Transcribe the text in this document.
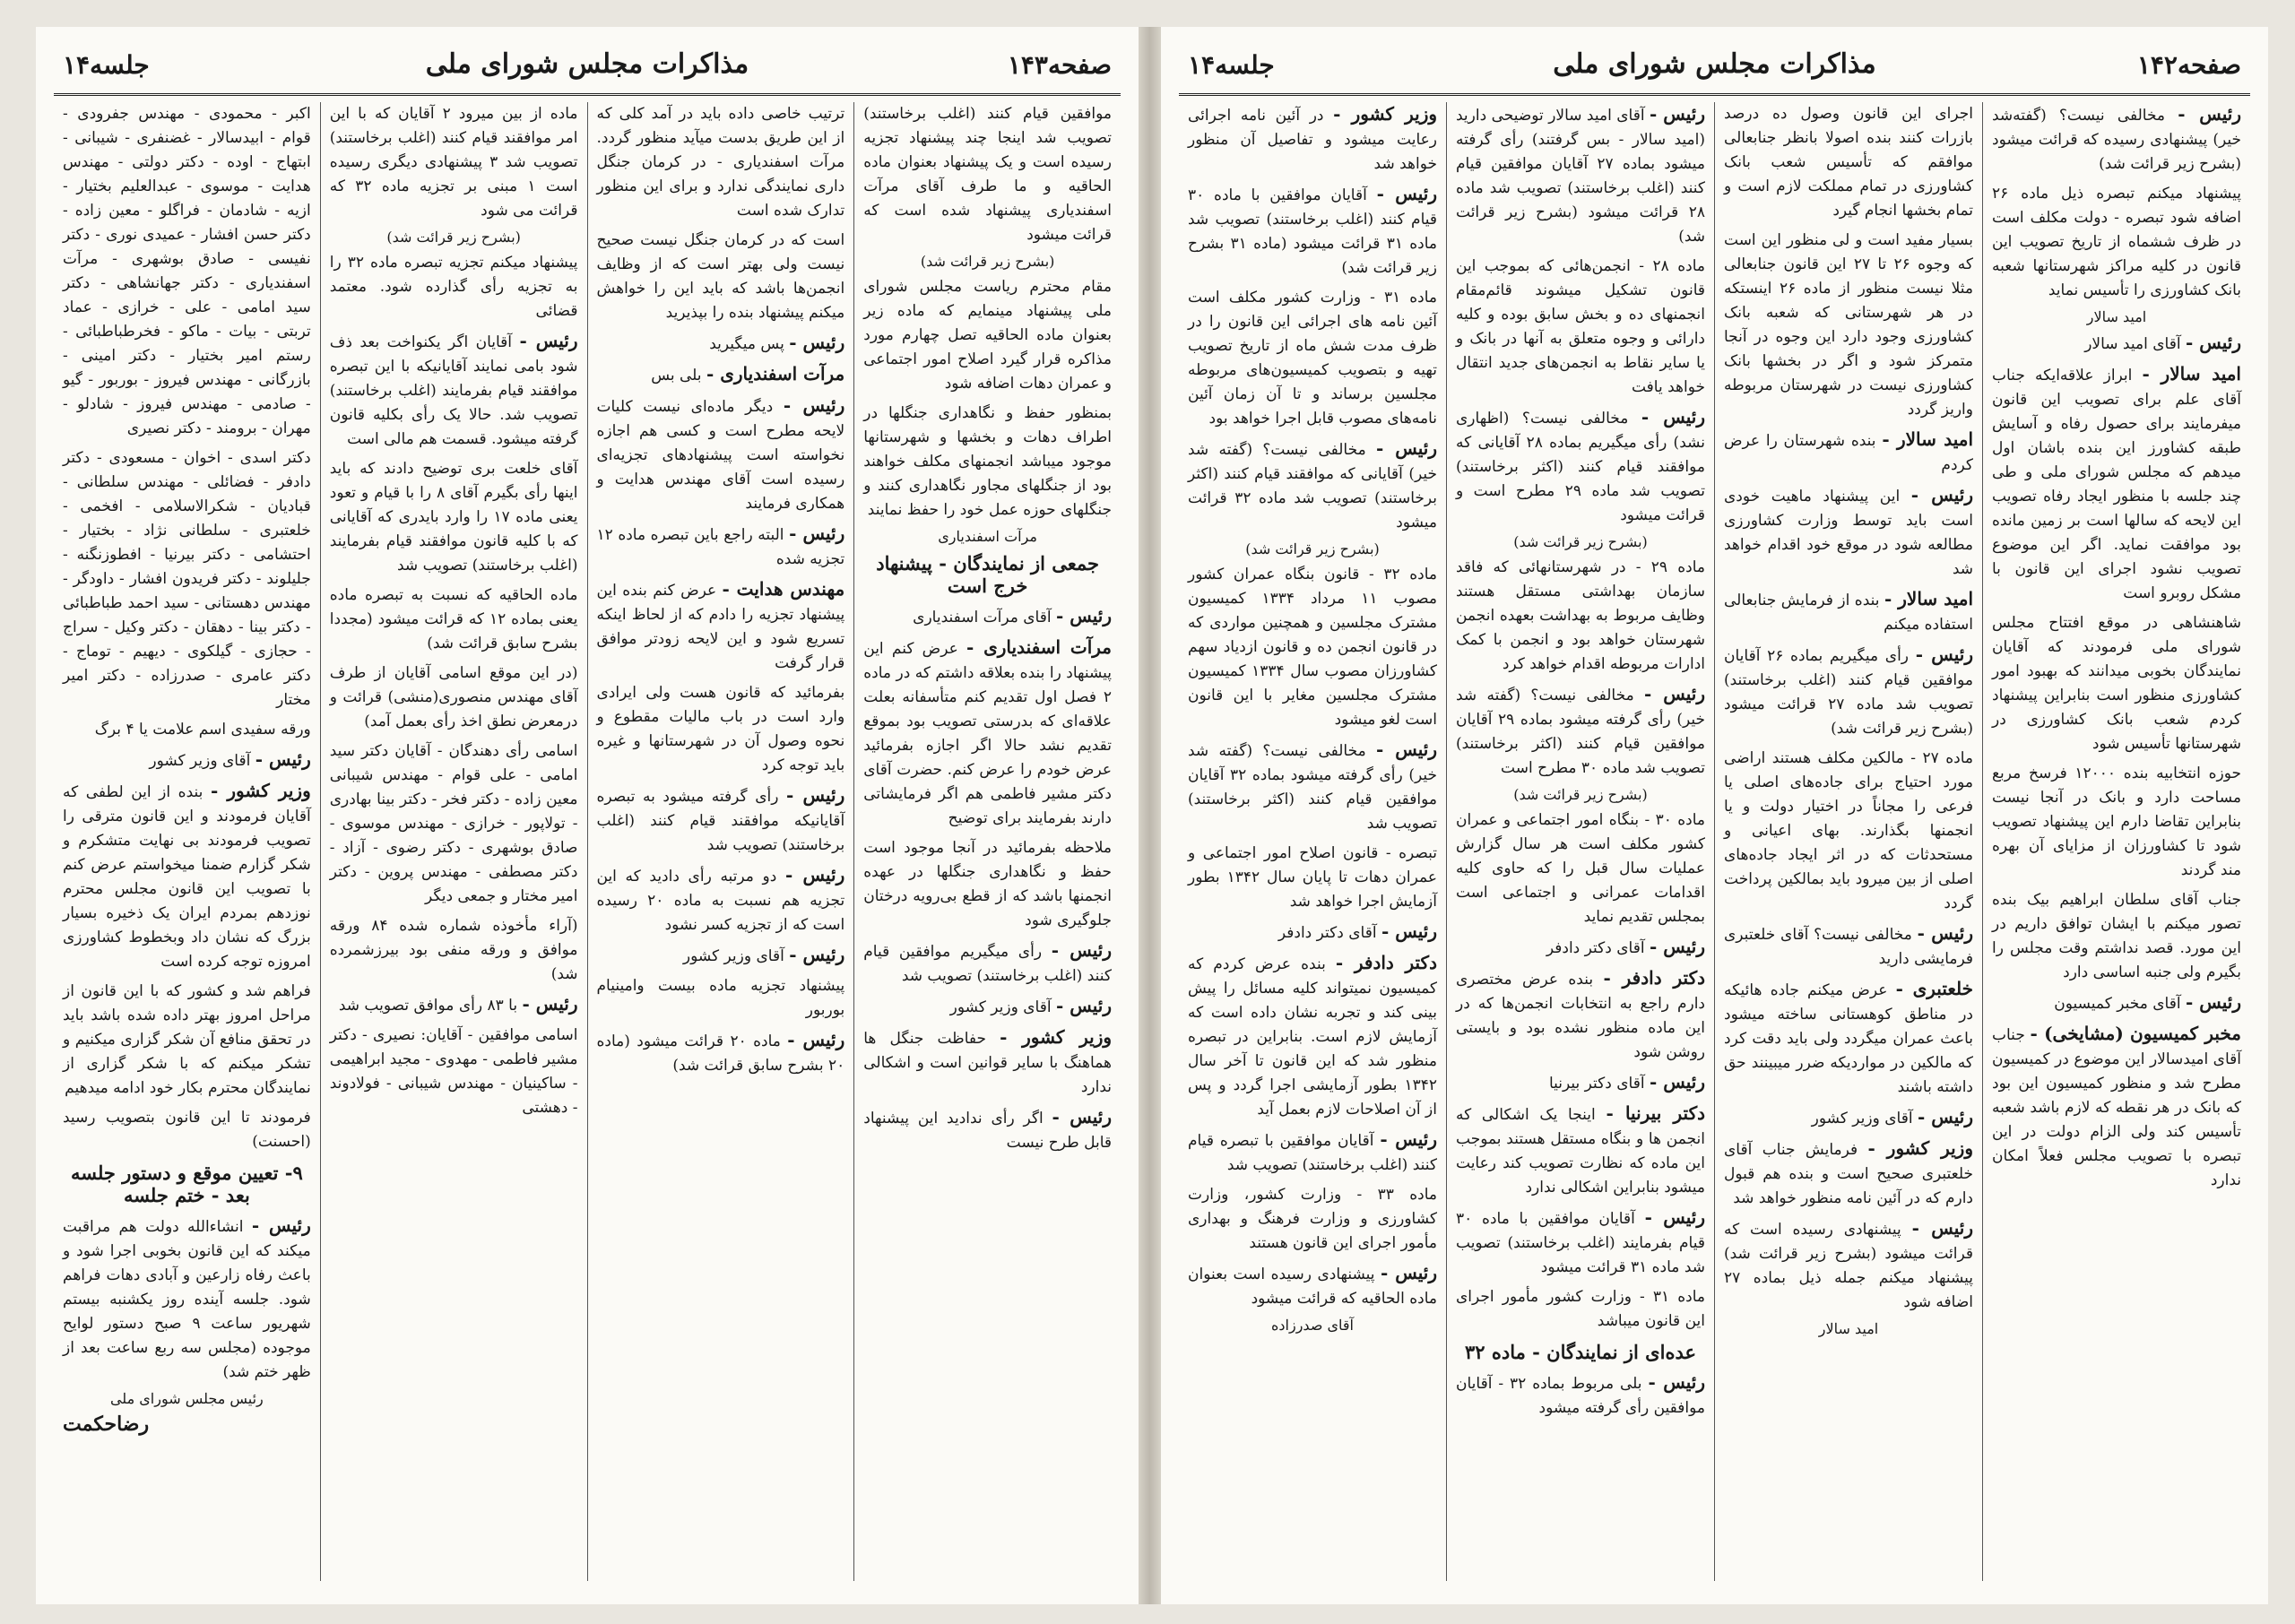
جلسه۱۴	مذاکرات مجلس شورای ملی	صفحه۱۴۳

موافقین قیام کنند (اغلب برخاستند) تصویب شد اینجا چند پیشنهاد تجزیه رسیده است و یک پیشنهاد بعنوان ماده الحاقیه و ما طرف آقای مرآت اسفندیاری پیشنهاد شده است که قرائت میشود

(بشرح زیر قرائت شد)

مقام محترم ریاست مجلس شورای ملی پیشنهاد مینمایم که ماده زیر بعنوان ماده الحاقیه تصل چهارم مورد مذاکره قرار گیرد اصلاح امور اجتماعی و عمران دهات اضافه شود

بمنظور حفظ و نگاهداری جنگلها در اطراف دهات و بخشها و شهرستانها موجود میباشد انجمنهای مکلف خواهند بود از جنگلهای مجاور نگاهداری کنند و جنگلهای حوزه عمل خود را حفظ نمایند

مرآت اسفندیاری
جمعی از نمایندگان - پیشنهاد خرج است

رئیس - آقای مرآت اسفندیاری

مرآت اسفندیاری - عرض کنم این پیشنهاد را بنده بعلاقه داشتم که در ماده ۲ فصل اول تقدیم کنم متأسفانه بعلت علاقه‌ای که بدرستی تصویب بود بموقع تقدیم نشد حالا اگر اجازه بفرمائید عرض خودم را عرض کنم. حضرت آقای دکتر مشیر فاطمی هم اگر فرمایشاتی دارند بفرمایند برای توضیح

ملاحظه بفرمائید در آنجا موجود است حفظ و نگاهداری جنگلها در عهده انجمنها باشد که از قطع بی‌رویه درختان جلوگیری شود

رئیس - رأی میگیریم موافقین قیام کنند (اغلب برخاستند) تصویب شد

رئیس - آقای وزیر کشور

وزیر کشور - حفاظت جنگل ها هماهنگ با سایر قوانین است و اشکالی ندارد

رئیس - اگر رأی ندادید این پیشنهاد قابل طرح نیست

ترتیب خاصی داده باید در آمد کلی که از این طریق بدست میآید منظور گردد. مرآت اسفندیاری - در کرمان جنگل داری نمایندگی ندارد و برای این منظور تدارک شده است

است که در کرمان جنگل نیست صحیح نیست ولی بهتر است که از وظایف انجمن‌ها باشد که باید این را خواهش میکنم پیشنهاد بنده را بپذیرید

رئیس - پس میگیرید

مرآت اسفندیاری - بلی بس

رئیس - دیگر ماده‌ای نیست کلیات لایحه مطرح است و کسی هم اجازه نخواسته است پیشنهادهای تجزیه‌ای رسیده است آقای مهندس هدایت و همکاری فرمایند

رئیس - البته راجع باین تبصره ماده ۱۲ تجزیه شده

مهندس هدایت - عرض کنم بنده این پیشنهاد تجزیه را دادم که از لحاظ اینکه تسریع شود و این لایحه زودتر موافق قرار گرفت

بفرمائید که قانون هست ولی ایرادی وارد است در باب مالیات مقطوع و نحوه وصول آن در شهرستانها و غیره باید توجه کرد

رئیس - رأی گرفته میشود به تبصره آقایانیکه موافقند قیام کنند (اغلب برخاستند) تصویب شد

رئیس - دو مرتبه رأی دادید که این تجزیه هم نسبت به ماده ۲۰ رسیده است که از تجزیه کسر نشود

رئیس - آقای وزیر کشور

پیشنهاد تجزیه ماده بیست وامینیام بوربور

رئیس - ماده ۲۰ قرائت میشود (ماده ۲۰ بشرح سابق قرائت شد)

ماده از بین میرود ۲ آقایان که با این امر موافقند قیام کنند (اغلب برخاستند) تصویب شد ۳ پیشنهادی دیگری رسیده است ۱ مبنی بر تجزیه ماده ۳۲ که قرائت می شود

(بشرح زیر قرائت شد)

پیشنهاد میکنم تجزیه تبصره ماده ۳۲ را به تجزیه رأی گذارده شود. معتمد قضائی

رئیس - آقایان اگر یکنواخت بعد ذف شود بامی نمایند آقایانیکه با این تبصره موافقند قیام بفرمایند (اغلب برخاستند) تصویب شد. حالا یک رأی بکلیه قانون گرفته میشود. قسمت هم مالی است

آقای خلعت بری توضیح دادند که باید اینها رأی بگیرم آقای ۸ را با قیام و تعود یعنی ماده ۱۷ را وارد بایدری که آقایانی که با کلیه قانون موافقند قیام بفرمایند (اغلب برخاستند) تصویب شد

ماده الحاقیه که نسبت به تبصره ماده یعنی بماده ۱۲ که قرائت میشود (مجددا بشرح سابق قرائت شد)

(در این موقع اسامی آقایان از طرف آقای مهندس منصوری(منشی) قرائت و درمعرض نطق اخذ رأی بعمل آمد)

اسامی رأی دهندگان - آقایان دکتر سید امامی - علی قوام - مهندس شیبانی معین زاده - دکتر فخر - دکتر بینا بهادری - تولاپور - خرازی - مهندس موسوی - صادق بوشهری - دکتر رضوی - آزاد - دکتر مصطفی - مهندس پروین - دکتر امیر مختار و جمعی دیگر

(آراء مأخوذه شماره شده ۸۴ ورقه موافق و ورقه منفی بود بیرزشمرده شد)

رئیس - با ۸۳ رأی موافق تصویب شد

اسامی موافقین - آقایان: نصیری - دکتر مشیر فاطمی - مهدوی - مجید ابراهیمی - ساکینیان - مهندس شیبانی - فولادوند - دهشتی

اکبر - محمودی - مهندس جفرودی - قوام - ابیدسالار - غضنفری - شیبانی - ابتهاج - اوده - دکتر دولتی - مهندس هدایت - موسوی - عبدالعلیم بختیار - ازیه - شادمان - فراگلو - معین زاده - دکتر حسن افشار - عمیدی نوری - دکتر نفیسی - صادق بوشهری - مرآت اسفندیاری - دکتر جهانشاهی - دکتر سید امامی - علی - خرازی - عماد تربتی - بیات - ماکو - فخرطباطبائی - رستم امیر بختیار - دکتر امینی - بازرگانی - مهندس فیروز - بوربور - گیو - صادمی - مهندس فیروز - شادلو - مهران - برومند - دکتر نصیری

دکتر اسدی - اخوان - مسعودی - دکتر دادفر - فضائلی - مهندس سلطانی - قبادیان - شکرالاسلامی - افخمی - خلعتبری - سلطانی نژاد - بختیار - احتشامی - دکتر بیرنیا - افطوزنگنه - جلیلوند - دکتر فریدون افشار - داودگر - مهندس دهستانی - سید احمد طباطبائی - دکتر بینا - دهقان - دکتر وکیل - سراج - حجازی - گیلکوی - دیهیم - توماج - دکتر عامری - صدرزاده - دکتر امیر مختار

ورقه سفیدی اسم علامت یا ۴ برگ

رئیس - آقای وزیر کشور

وزیر کشور - بنده از این لطفی که آقایان فرمودند و این قانون مترقی را تصویب فرمودند بی نهایت متشکرم و شکر گزارم ضمنا میخواستم عرض کنم با تصویب این قانون مجلس محترم نوزدهم بمردم ایران یک ذخیره بسیار بزرگ که نشان داد وبخطوط کشاورزی امروزه توجه کرده است

فراهم شد و کشور که با این قانون از مراحل امروز بهتر داده شده باشد باید در تحقق منافع آن شکر گزاری میکنیم و تشکر میکنم که با شکر گزاری از نمایندگان محترم بکار خود ادامه میدهیم

فرمودند تا این قانون بتصویب رسید (احسنت)

۹- تعیین موقع و دستور جلسه بعد - ختم جلسه

رئیس - انشاءالله دولت هم مراقبت میکند که این قانون بخوبی اجرا شود و باعث رفاه زارعین و آبادی دهات فراهم شود. جلسه آینده روز یکشنبه بیستم شهریور ساعت ۹ صبح دستور لوایح موجوده (مجلس سه ربع ساعت بعد از ظهر ختم شد)

رئیس مجلس شورای ملی
رضاحکمت
جلسه۱۴	مذاکرات مجلس شورای ملی	صفحه۱۴۲

رئیس - مخالفی نیست؟ (گفته‌شد خیر) پیشنهادی رسیده که قرائت میشود (بشرح زیر قرائت شد)

پیشنهاد میکنم تبصره ذیل ماده ۲۶ اضافه شود تبصره - دولت مکلف است در ظرف ششماه از تاریخ تصویب این قانون در کلیه مراکز شهرستانها شعبه بانک کشاورزی را تأسیس نماید

امید سالار

رئیس - آقای امید سالار

امید سالار - ابراز علاقه‌ایکه جناب آقای علم برای تصویب این قانون میفرمایند برای حصول رفاه و آسایش طبقه کشاورز این بنده باشان اول میدهم که مجلس شورای ملی و طی چند جلسه با منظور ایجاد رفاه تصویب این لایحه که سالها است بر زمین مانده بود موافقت نماید. اگر این موضوع تصویب نشود اجرای این قانون با مشکل روبرو است

شاهنشاهی در موقع افتتاح مجلس شورای ملی فرمودند که آقایان نمایندگان بخوبی میدانند که بهبود امور کشاورزی منظور است بنابراین پیشنهاد کردم شعب بانک کشاورزی در شهرستانها تأسیس شود

حوزه انتخابیه بنده ۱۲۰۰۰ فرسخ مربع مساحت دارد و بانک در آنجا نیست بنابراین تقاضا دارم این پیشنهاد تصویب شود تا کشاورزان از مزایای آن بهره مند گردند

جناب آقای سلطان ابراهیم بیک بنده تصور میکنم با ایشان توافق داریم در این مورد. قصد نداشتم وقت مجلس را بگیرم ولی جنبه اساسی دارد

رئیس - آقای مخبر کمیسیون

مخبر کمیسیون (مشایخی) - جناب آقای امیدسالار این موضوع در کمیسیون مطرح شد و منظور کمیسیون این بود که بانک در هر نقطه که لازم باشد شعبه تأسیس کند ولی الزام دولت در این تبصره با تصویب مجلس فعلاً امکان ندارد

اجرای این قانون وصول ده درصد بازرات کنند بنده اصولا بانظر جنابعالی موافقم که تأسیس شعب بانک کشاورزی در تمام مملکت لازم است و تمام بخشها انجام گیرد

بسیار مفید است و لی منظور این است که وجوه ۲۶ تا ۲۷ این قانون جنابعالی مثلا نیست منظور از ماده ۲۶ اینستکه در هر شهرستانی که شعبه بانک کشاورزی وجود دارد این وجوه در آنجا متمرکز شود و اگر در بخشها بانک کشاورزی نیست در شهرستان مربوطه واریز گردد

امید سالار - بنده شهرستان را عرض کردم

رئیس - این پیشنهاد ماهیت خودی است باید توسط وزارت کشاورزی مطالعه شود در موقع خود اقدام خواهد شد

امید سالار - بنده از فرمایش جنابعالی استفاده میکنم

رئیس - رأی میگیریم بماده ۲۶ آقایان موافقین قیام کنند (اغلب برخاستند) تصویب شد ماده ۲۷ قرائت میشود (بشرح زیر قرائت شد)

ماده ۲۷ - مالکین مکلف هستند اراضی مورد احتیاج برای جاده‌های اصلی یا فرعی را مجاناً در اختیار دولت و یا انجمنها بگذارند. بهای اعیانی و مستحدثات که در اثر ایجاد جاده‌های اصلی از بین میرود باید بمالکین پرداخت گردد

رئیس - مخالفی نیست؟ آقای خلعتبری فرمایشی دارید

خلعتبری - عرض میکنم جاده هائیکه در مناطق کوهستانی ساخته میشود باعث عمران میگردد ولی باید دقت کرد که مالکین در مواردیکه ضرر میبینند حق داشته باشند

رئیس - آقای وزیر کشور

وزیر کشور - فرمایش جناب آقای خلعتبری صحیح است و بنده هم قبول دارم که در آئین نامه منظور خواهد شد

رئیس - پیشنهادی رسیده است که قرائت میشود (بشرح زیر قرائت شد) پیشنهاد میکنم جمله ذیل بماده ۲۷ اضافه شود

امید سالار

رئیس - آقای امید سالار توضیحی دارید (امید سالار - بس گرفتند) رأی گرفته میشود بماده ۲۷ آقایان موافقین قیام کنند (اغلب برخاستند) تصویب شد ماده ۲۸ قرائت میشود (بشرح زیر قرائت شد)

ماده ۲۸ - انجمن‌هائی که بموجب این قانون تشکیل میشوند قائم‌مقام انجمنهای ده و بخش سابق بوده و کلیه دارائی و وجوه متعلق به آنها در بانک و یا سایر نقاط به انجمن‌های جدید انتقال خواهد یافت

رئیس - مخالفی نیست؟ (اظهاری نشد) رأی میگیریم بماده ۲۸ آقایانی که موافقند قیام کنند (اکثر برخاستند) تصویب شد ماده ۲۹ مطرح است و قرائت میشود

(بشرح زیر قرائت شد)

ماده ۲۹ - در شهرستانهائی که فاقد سازمان بهداشتی مستقل هستند وظایف مربوط به بهداشت بعهده انجمن شهرستان خواهد بود و انجمن با کمک ادارات مربوطه اقدام خواهد کرد

رئیس - مخالفی نیست؟ (گفته شد خیر) رأی گرفته میشود بماده ۲۹ آقایان موافقین قیام کنند (اکثر برخاستند) تصویب شد ماده ۳۰ مطرح است

(بشرح زیر قرائت شد)

ماده ۳۰ - بنگاه امور اجتماعی و عمران کشور مکلف است هر سال گزارش عملیات سال قبل را که حاوی کلیه اقدامات عمرانی و اجتماعی است بمجلس تقدیم نماید

رئیس - آقای دکتر دادفر

دکتر دادفر - بنده عرض مختصری دارم راجع به انتخابات انجمن‌ها که در این ماده منظور نشده بود و بایستی روشن شود

رئیس - آقای دکتر بیرنیا

دکتر بیرنیا - اینجا یک اشکالی که انجمن ها و بنگاه مستقل هستند بموجب این ماده که نظارت تصویب کند رعایت میشود بنابراین اشکالی ندارد

رئیس - آقایان موافقین با ماده ۳۰ قیام بفرمایند (اغلب برخاستند) تصویب شد ماده ۳۱ قرائت میشود

ماده ۳۱ - وزارت کشور مأمور اجرای این قانون میباشد

عده‌ای از نمایندگان - ماده ۳۲

رئیس - بلی مربوط بماده ۳۲ - آقایان موافقین رأی گرفته میشود

وزیر کشور - در آئین نامه اجرائی رعایت میشود و تفاصیل آن منظور خواهد شد

رئیس - آقایان موافقین با ماده ۳۰ قیام کنند (اغلب برخاستند) تصویب شد ماده ۳۱ قرائت میشود (ماده ۳۱ بشرح زیر قرائت شد)

ماده ۳۱ - وزارت کشور مکلف است آئین نامه های اجرائی این قانون را در ظرف مدت شش ماه از تاریخ تصویب تهیه و بتصویب کمیسیون‌های مربوطه مجلسین برساند و تا آن زمان آئین نامه‌های مصوب قابل اجرا خواهد بود

رئیس - مخالفی نیست؟ (گفته شد خیر) آقایانی که موافقند قیام کنند (اکثر برخاستند) تصویب شد ماده ۳۲ قرائت میشود

(بشرح زیر قرائت شد)

ماده ۳۲ - قانون بنگاه عمران کشور مصوب ۱۱ مرداد ۱۳۳۴ کمیسیون مشترک مجلسین و همچنین مواردی که در قانون انجمن ده و قانون ازدیاد سهم کشاورزان مصوب سال ۱۳۳۴ کمیسیون مشترک مجلسین مغایر با این قانون است لغو میشود

رئیس - مخالفی نیست؟ (گفته شد خیر) رأی گرفته میشود بماده ۳۲ آقایان موافقین قیام کنند (اکثر برخاستند) تصویب شد

تبصره - قانون اصلاح امور اجتماعی و عمران دهات تا پایان سال ۱۳۴۲ بطور آزمایش اجرا خواهد شد

رئیس - آقای دکتر دادفر

دکتر دادفر - بنده عرض کردم که کمیسیون نمیتواند کلیه مسائل را پیش بینی کند و تجربه نشان داده است که آزمایش لازم است. بنابراین در تبصره منظور شد که این قانون تا آخر سال ۱۳۴۲ بطور آزمایشی اجرا گردد و پس از آن اصلاحات لازم بعمل آید

رئیس - آقایان موافقین با تبصره قیام کنند (اغلب برخاستند) تصویب شد

ماده ۳۳ - وزارت کشور، وزارت کشاورزی و وزارت فرهنگ و بهداری مأمور اجرای این قانون هستند

رئیس - پیشنهادی رسیده است بعنوان ماده الحاقیه که قرائت میشود

آقای صدرزاده
